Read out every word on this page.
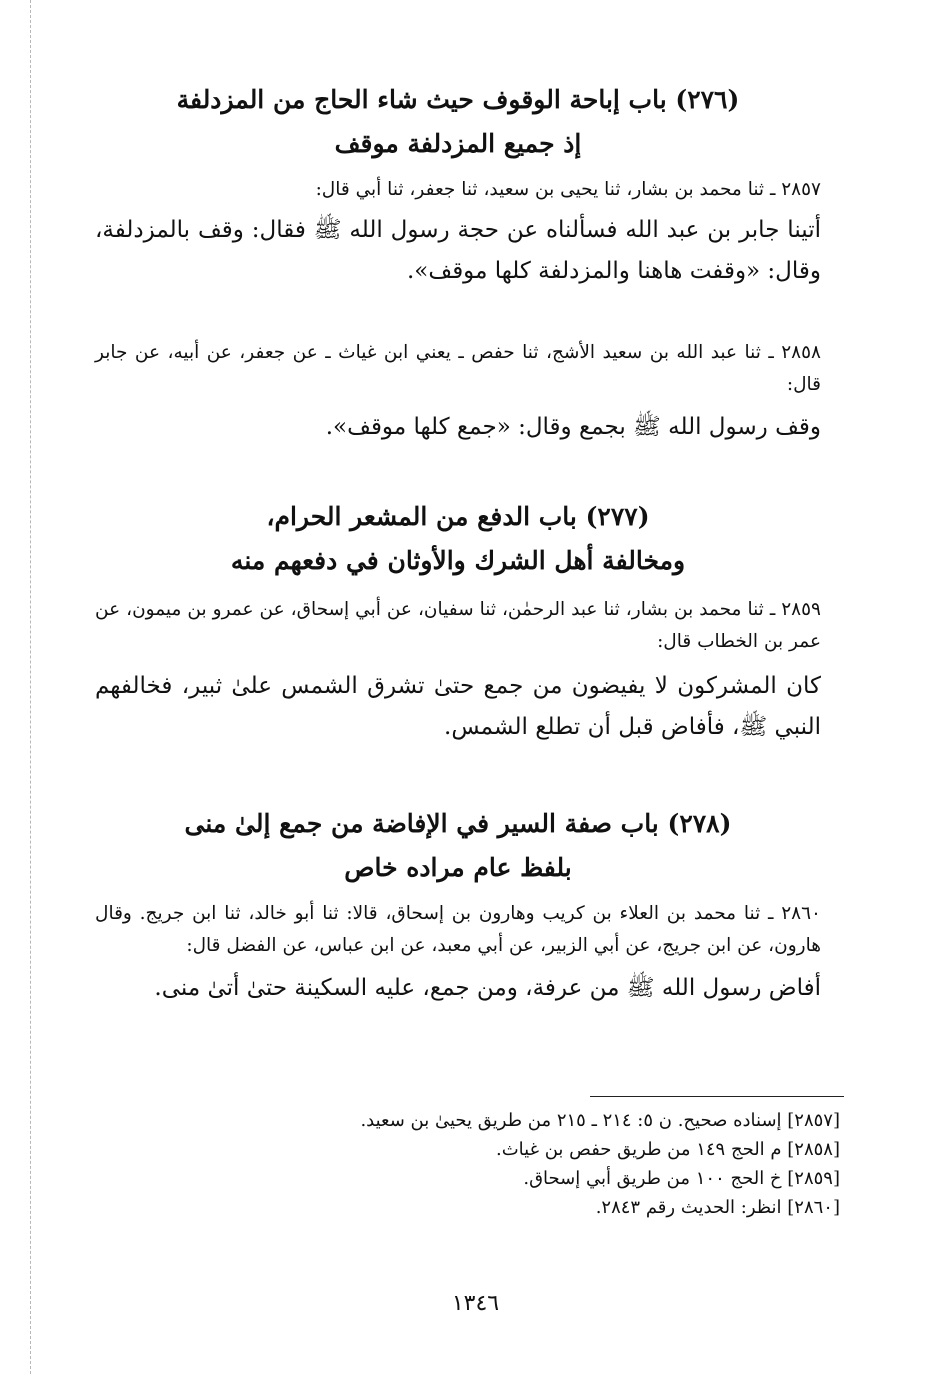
(٢٧٦) باب إباحة الوقوف حيث شاء الحاج من المزدلفة
إذ جميع المزدلفة موقف

٢٨٥٧ ـ ثنا محمد بن بشار، ثنا يحيى بن سعيد، ثنا جعفر، ثنا أبي قال:

أتينا جابر بن عبد الله فسألناه عن حجة رسول الله ﷺ فقال: وقف بالمزدلفة، وقال: «وقفت هاهنا والمزدلفة كلها موقف».

٢٨٥٨ ـ ثنا عبد الله بن سعيد الأشج، ثنا حفص ـ يعني ابن غياث ـ عن جعفر، عن أبيه، عن جابر قال:

وقف رسول الله ﷺ بجمع وقال: «جمع كلها موقف».

(٢٧٧) باب الدفع من المشعر الحرام،
ومخالفة أهل الشرك والأوثان في دفعهم منه

٢٨٥٩ ـ ثنا محمد بن بشار، ثنا عبد الرحمٰن، ثنا سفيان، عن أبي إسحاق، عن عمرو بن ميمون، عن عمر بن الخطاب قال:

كان المشركون لا يفيضون من جمع حتىٰ تشرق الشمس علىٰ ثبير، فخالفهم النبي ﷺ، فأفاض قبل أن تطلع الشمس.

(٢٧٨) باب صفة السير في الإفاضة من جمع إلىٰ منى
بلفظ عام مراده خاص

٢٨٦٠ ـ ثنا محمد بن العلاء بن كريب وهارون بن إسحاق، قالا: ثنا أبو خالد، ثنا ابن جريج. وقال هارون، عن ابن جريج، عن أبي الزبير، عن أبي معبد، عن ابن عباس، عن الفضل قال:

أفاض رسول الله ﷺ من عرفة، ومن جمع، عليه السكينة حتىٰ أتىٰ منى.

[٢٨٥٧] إسناده صحيح. ن ٥: ٢١٤ ـ ٢١٥ من طريق يحيىٰ بن سعيد.
[٢٨٥٨] م الحج ١٤٩ من طريق حفص بن غياث.
[٢٨٥٩] خ الحج ١٠٠ من طريق أبي إسحاق.
[٢٨٦٠] انظر: الحديث رقم ٢٨٤٣.
١٣٤٦
